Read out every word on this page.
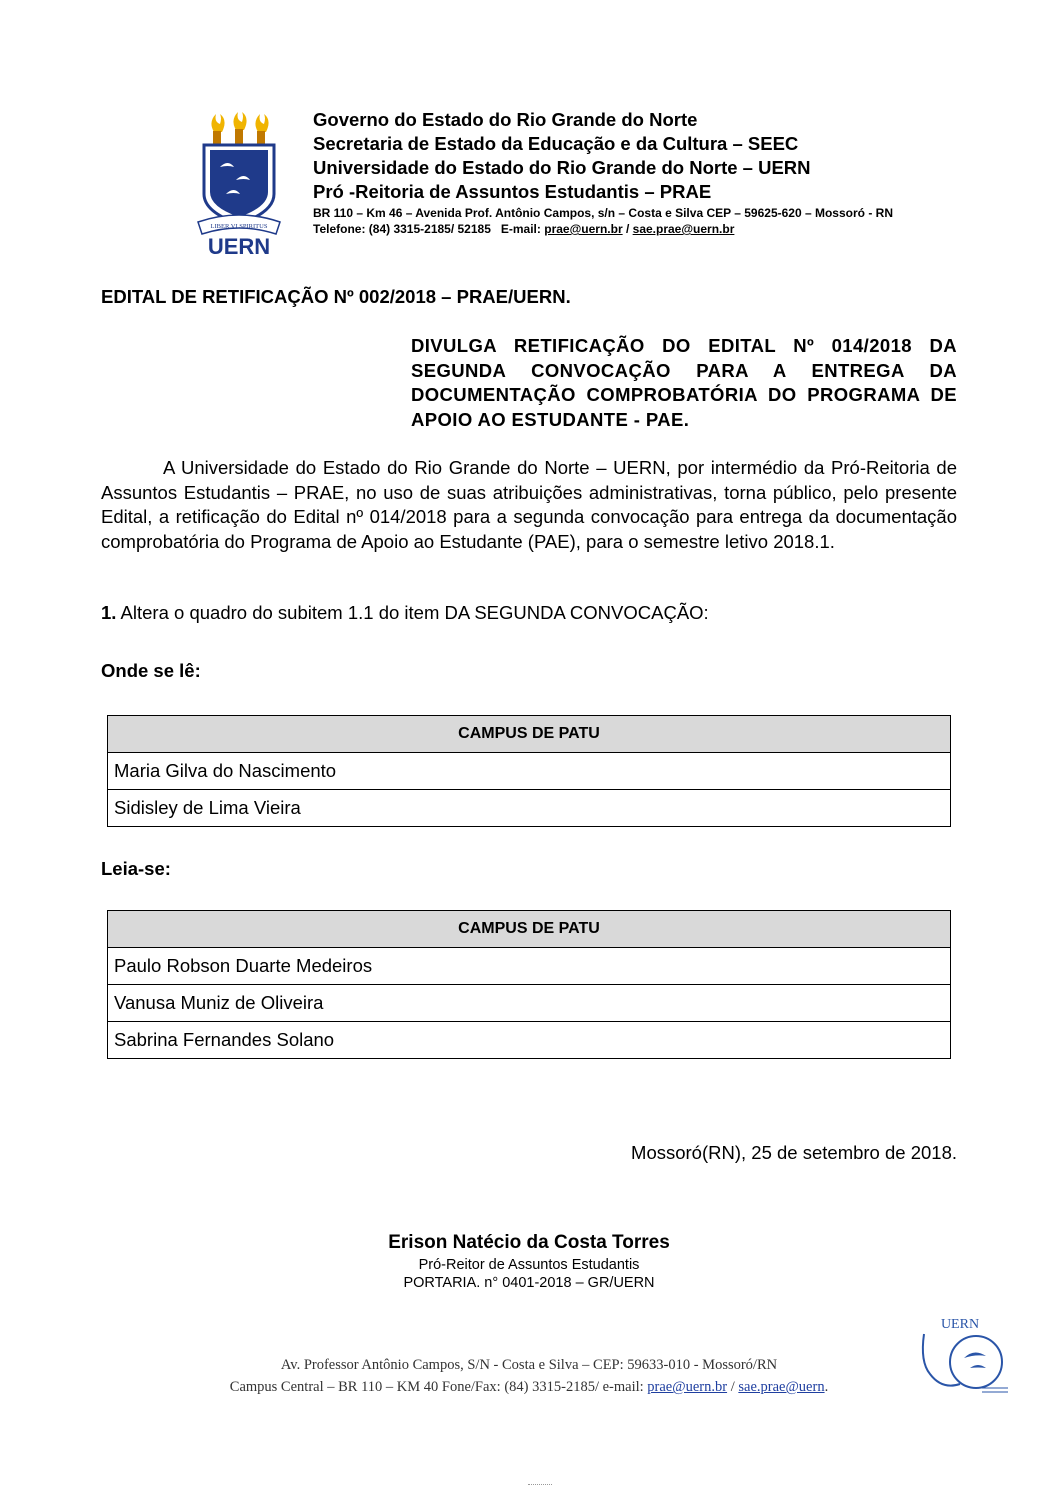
LIBER VI SPIRITUS
UERN
Governo do Estado do Rio Grande do Norte
Secretaria de Estado da Educação e da Cultura – SEEC
Universidade do Estado do Rio Grande do Norte – UERN
Pró -Reitoria de Assuntos Estudantis – PRAE
BR 110 – Km 46 – Avenida Prof. Antônio Campos, s/n – Costa e Silva CEP – 59625-620 – Mossoró - RN
Telefone: (84) 3315-2185/ 52185   E-mail: prae@uern.br / sae.prae@uern.br
EDITAL DE RETIFICAÇÃO Nº 002/2018 – PRAE/UERN.
DIVULGA RETIFICAÇÃO DO EDITAL Nº 014/2018 DA SEGUNDA CONVOCAÇÃO PARA A ENTREGA DA DOCUMENTAÇÃO COMPROBATÓRIA DO PROGRAMA DE APOIO AO ESTUDANTE - PAE.
A Universidade do Estado do Rio Grande do Norte – UERN, por intermédio da Pró-Reitoria de Assuntos Estudantis – PRAE, no uso de suas atribuições administrativas, torna público, pelo presente Edital, a retificação do Edital nº 014/2018 para a segunda convocação para entrega da documentação comprobatória do Programa de Apoio ao Estudante (PAE), para o semestre letivo 2018.1.
1. Altera o quadro do subitem 1.1 do item DA SEGUNDA CONVOCAÇÃO:
Onde se lê:
CAMPUS DE PATU
Maria Gilva do Nascimento
Sidisley de Lima Vieira
Leia-se:
CAMPUS DE PATU
Paulo Robson Duarte Medeiros
Vanusa Muniz de Oliveira
Sabrina Fernandes Solano
Mossoró(RN), 25 de setembro de 2018.
Erison Natécio da Costa Torres
Pró-Reitor de Assuntos Estudantis
PORTARIA. n° 0401-2018 – GR/UERN
Av. Professor Antônio Campos, S/N - Costa e Silva – CEP: 59633-010 - Mossoró/RN
Campus Central – BR 110 – KM 40 Fone/Fax: (84) 3315-2185/ e-mail: prae@uern.br / sae.prae@uern.
UERN
